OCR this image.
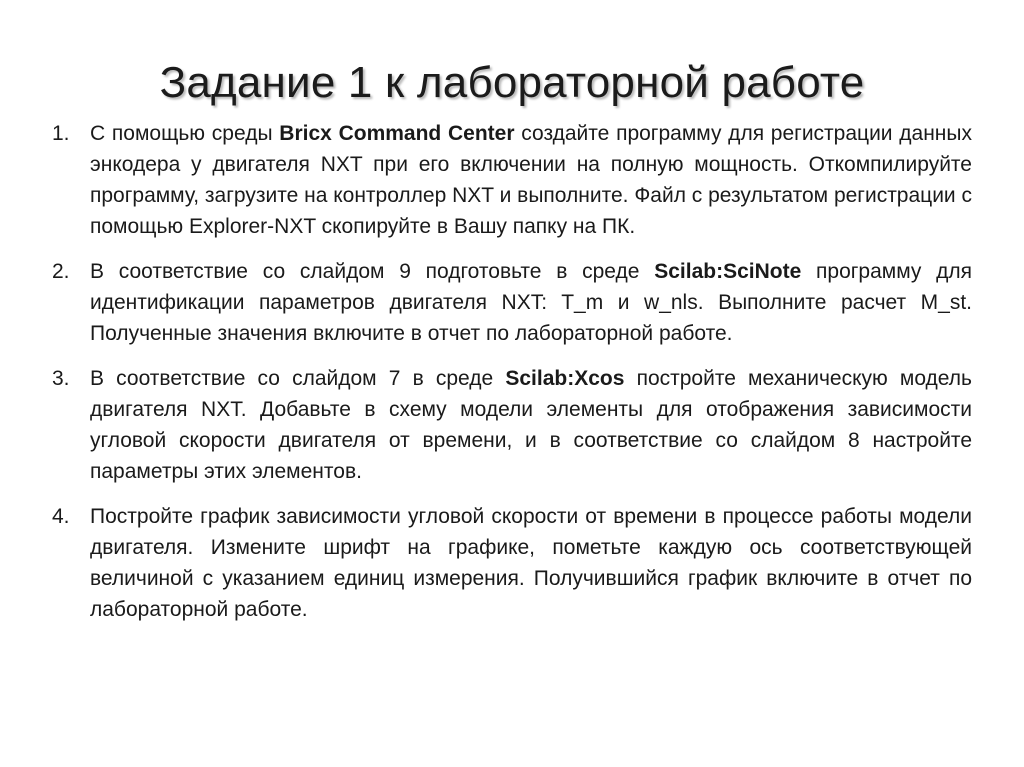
Задание 1 к лабораторной работе
1. С помощью среды Bricx Command Center создайте программу для регистрации данных энкодера у двигателя NXT при его включении на полную мощность. Откомпилируйте программу, загрузите на контроллер NXT и выполните. Файл с результатом регистрации с помощью Explorer-NXT скопируйте в Вашу папку на ПК.
2. В соответствие со слайдом 9 подготовьте в среде Scilab:SciNote программу для идентификации параметров двигателя NXT: T_m и w_nls. Выполните расчет M_st. Полученные значения включите в отчет по лабораторной работе.
3. В соответствие со слайдом 7 в среде Scilab:Xcos постройте механическую модель двигателя NXT. Добавьте в схему модели элементы для отображения зависимости угловой скорости двигателя от времени, и в соответствие со слайдом 8 настройте параметры этих элементов.
4. Постройте график зависимости угловой скорости от времени в процессе работы модели двигателя. Измените шрифт на графике, пометьте каждую ось соответствующей величиной с указанием единиц измерения. Получившийся график включите в отчет по лабораторной работе.
